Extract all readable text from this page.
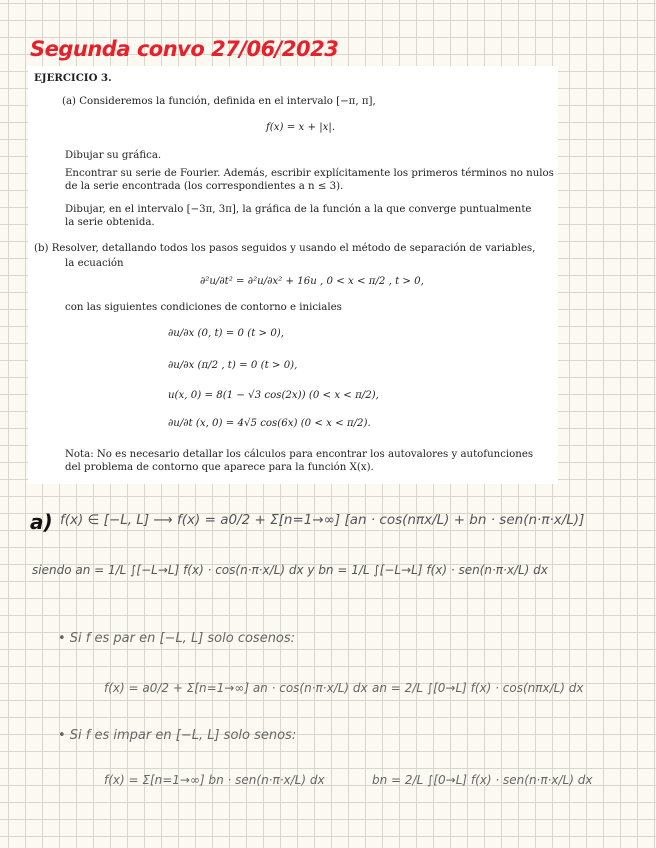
Segunda convo 27/06/2023
EJERCICIO 3.
(a) Consideremos la función, definida en el intervalo [−π, π],
f(x) = x + |x|.
Dibujar su gráfica.
Encontrar su serie de Fourier. Además, escribir explícitamente los primeros términos no nulos
de la serie encontrada (los correspondientes a n ≤ 3).
Dibujar, en el intervalo [−3π, 3π], la gráfica de la función a la que converge puntualmente
la serie obtenida.
(b) Resolver, detallando todos los pasos seguidos y usando el método de separación de variables,
la ecuación
∂²u/∂t² = ∂²u/∂x² + 16u , 0 < x < π/2 , t > 0,
con las siguientes condiciones de contorno e iniciales
∂u/∂x (0, t) = 0 (t > 0),
∂u/∂x (π/2 , t) = 0 (t > 0),
u(x, 0) = 8(1 − √3 cos(2x)) (0 < x < π/2),
∂u/∂t (x, 0) = 4√5 cos(6x) (0 < x < π/2).
Nota: No es necesario detallar los cálculos para encontrar los autovalores y autofunciones
del problema de contorno que aparece para la función X(x).
a) f(x) ∈ [−L, L] ⟶ f(x) = a0/2 + Σ[n=1→∞] [an · cos(nπx/L) + bn · sen(n·π·x/L)]
siendo an = 1/L ∫[−L→L] f(x) · cos(n·π·x/L) dx y bn = 1/L ∫[−L→L] f(x) · sen(n·π·x/L) dx
• Si f es par en [−L, L] solo cosenos:
f(x) = a0/2 + Σ[n=1→∞] an · cos(n·π·x/L) dx an = 2/L ∫[0→L] f(x) · cos(nπx/L) dx
• Si f es impar en [−L, L] solo senos:
f(x) = Σ[n=1→∞] bn · sen(n·π·x/L) dx	bn = 2/L ∫[0→L] f(x) · sen(n·π·x/L) dx
